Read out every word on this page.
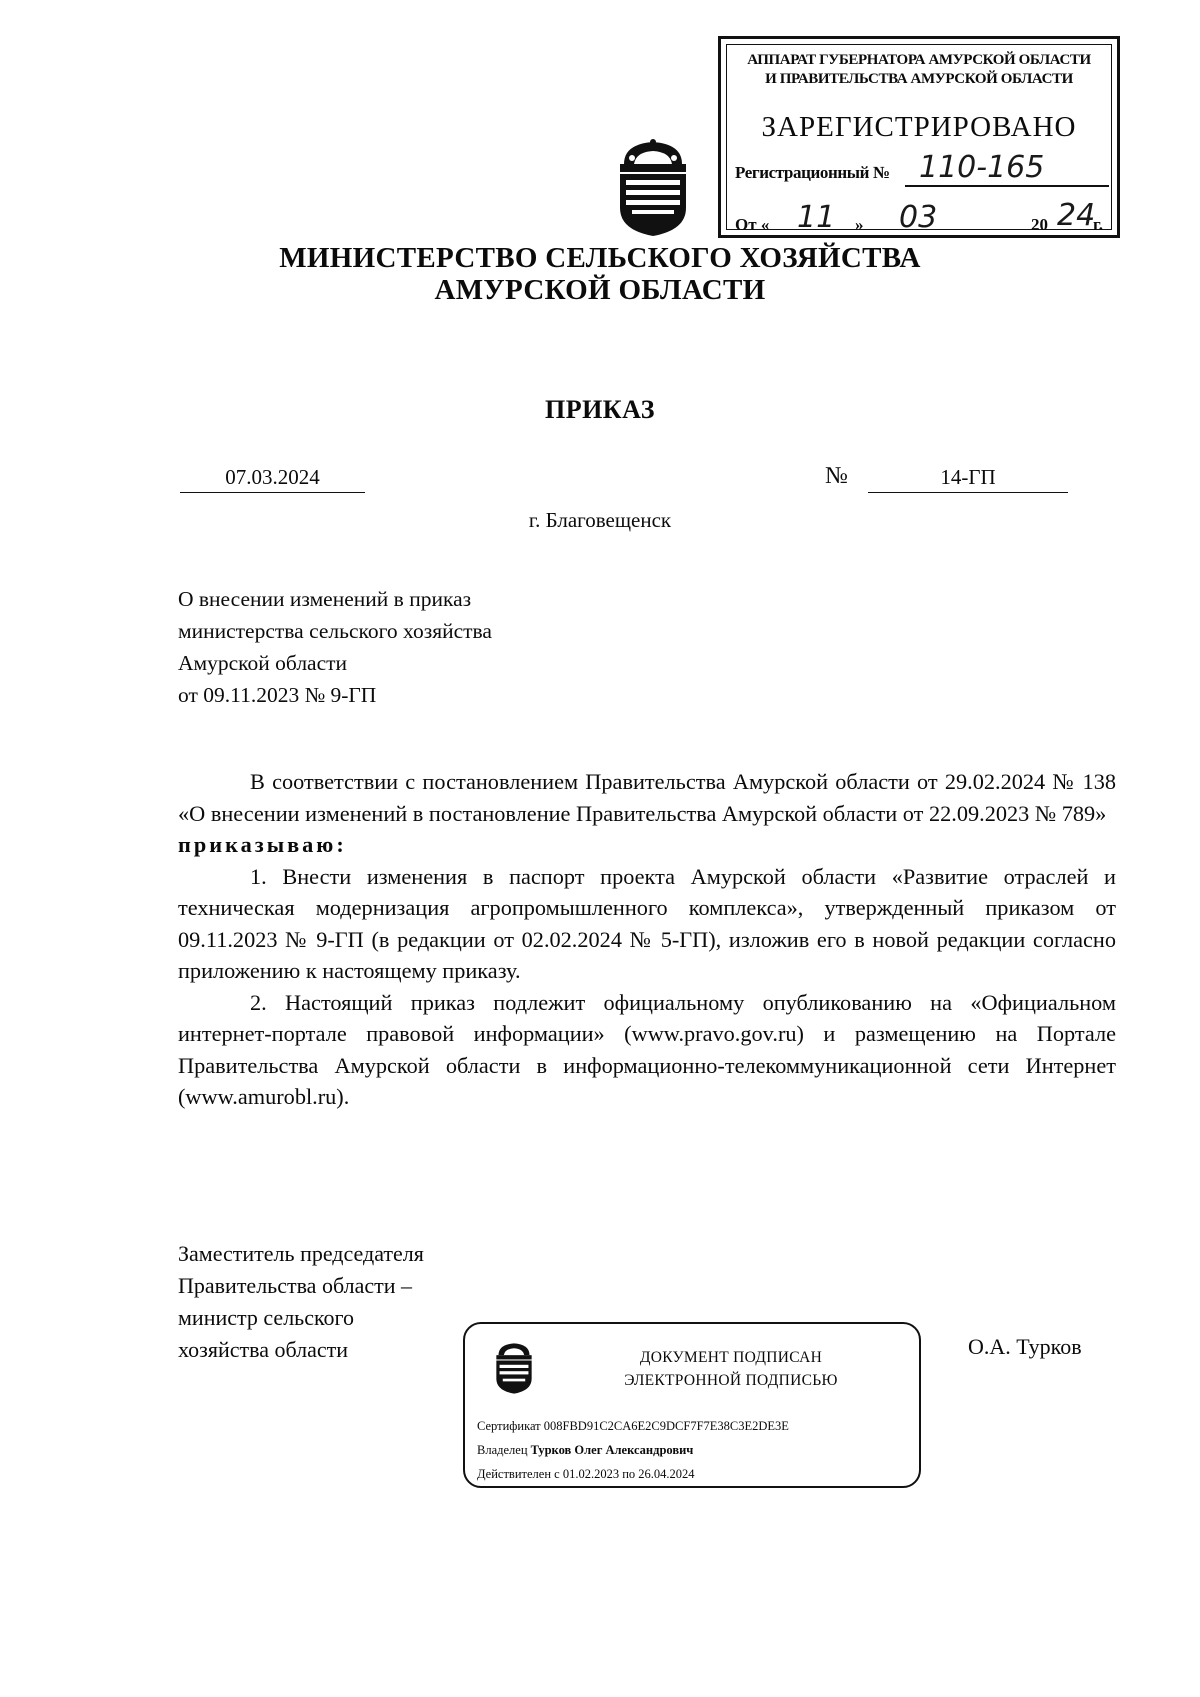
АППАРАТ ГУБЕРНАТОРА АМУРСКОЙ ОБЛАСТИ
И ПРАВИТЕЛЬСТВА АМУРСКОЙ ОБЛАСТИ
ЗАРЕГИСТРИРОВАНО
Регистрационный № 110-165
От « 11 » 03	20 24
г.
МИНИСТЕРСТВО СЕЛЬСКОГО ХОЗЯЙСТВА
АМУРСКОЙ ОБЛАСТИ
ПРИКАЗ
07.03.2024	№	14-ГП
г. Благовещенск
О внесении изменений в приказ
министерства сельского хозяйства
Амурской области
от 09.11.2023 № 9-ГП

В соответствии с постановлением Правительства Амурской области от 29.02.2024 № 138 «О внесении изменений в постановление Правительства Амурской области от 22.09.2023 № 789»

приказываю:

1. Внести изменения в паспорт проекта Амурской области «Развитие отраслей и техническая модернизация агропромышленного комплекса», утвержденный приказом от 09.11.2023 № 9-ГП (в редакции от 02.02.2024 № 5-ГП), изложив его в новой редакции согласно приложению к настоящему приказу.

2. Настоящий приказ подлежит официальному опубликованию на «Официальном интернет-портале правовой информации» (www.pravo.gov.ru) и размещению на Портале Правительства Амурской области в информационно-телекоммуникационной сети Интернет (www.amurobl.ru).

Заместитель председателя
Правительства области –
министр сельского
хозяйства области	О.А. Турков
ДОКУМЕНТ ПОДПИСАН
ЭЛЕКТРОННОЙ ПОДПИСЬЮ
Сертификат 008FBD91C2CA6E2C9DCF7F7E38C3E2DE3E
Владелец Турков Олег Александрович
Действителен с 01.02.2023 по 26.04.2024
